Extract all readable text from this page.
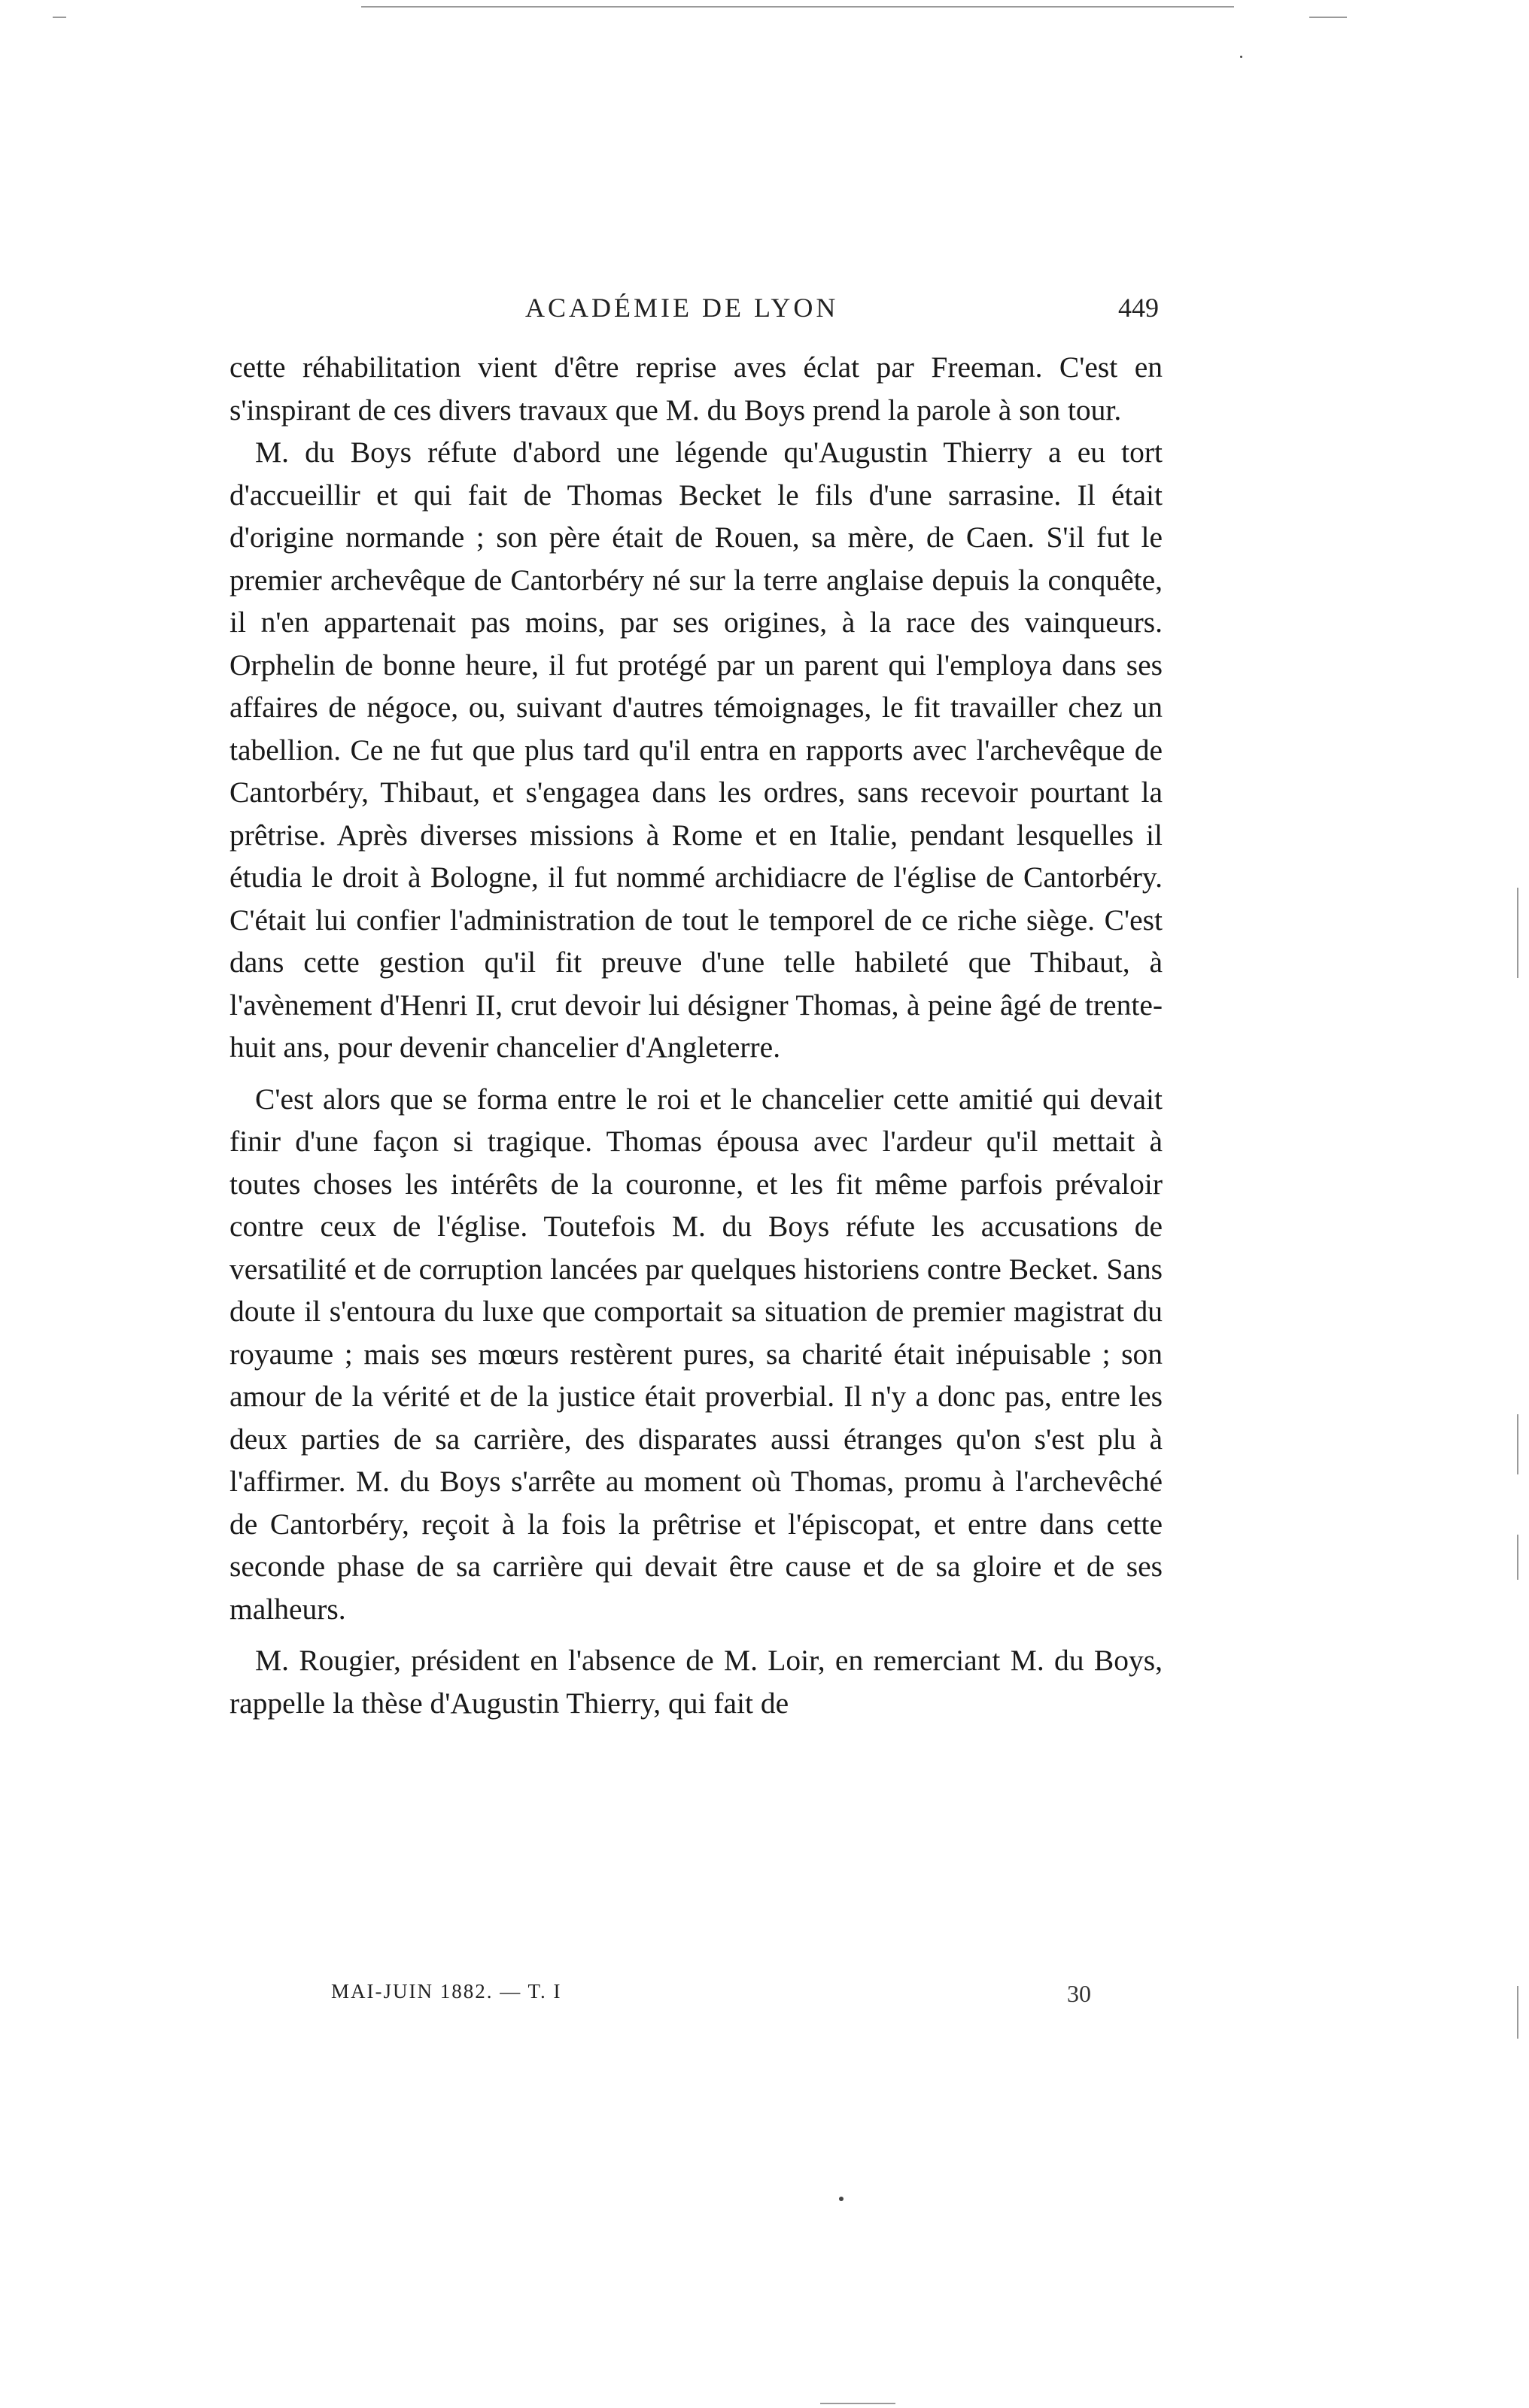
ACADÉMIE DE LYON	449

cette réhabilitation vient d'être reprise aves éclat par Freeman. C'est en s'inspirant de ces divers travaux que M. du Boys prend la parole à son tour.

M. du Boys réfute d'abord une légende qu'Augustin Thierry a eu tort d'accueillir et qui fait de Thomas Becket le fils d'une sarrasine. Il était d'origine normande ; son père était de Rouen, sa mère, de Caen. S'il fut le premier archevêque de Cantorbéry né sur la terre anglaise depuis la conquête, il n'en appartenait pas moins, par ses origines, à la race des vainqueurs. Orphelin de bonne heure, il fut protégé par un parent qui l'employa dans ses affaires de négoce, ou, suivant d'autres témoignages, le fit travailler chez un tabellion. Ce ne fut que plus tard qu'il entra en rapports avec l'archevêque de Cantorbéry, Thibaut, et s'engagea dans les ordres, sans recevoir pourtant la prêtrise. Après diverses missions à Rome et en Italie, pendant lesquelles il étudia le droit à Bologne, il fut nommé archidiacre de l'église de Cantorbéry. C'était lui confier l'administration de tout le temporel de ce riche siège. C'est dans cette gestion qu'il fit preuve d'une telle habileté que Thibaut, à l'avènement d'Henri II, crut devoir lui désigner Thomas, à peine âgé de trente-huit ans, pour devenir chancelier d'Angleterre.

C'est alors que se forma entre le roi et le chancelier cette amitié qui devait finir d'une façon si tragique. Thomas épousa avec l'ardeur qu'il mettait à toutes choses les intérêts de la couronne, et les fit même parfois prévaloir contre ceux de l'église. Toutefois M. du Boys réfute les accusations de versatilité et de corruption lancées par quelques historiens contre Becket. Sans doute il s'entoura du luxe que comportait sa situation de premier magistrat du royaume ; mais ses mœurs restèrent pures, sa charité était inépuisable ; son amour de la vérité et de la justice était proverbial. Il n'y a donc pas, entre les deux parties de sa carrière, des disparates aussi étranges qu'on s'est plu à l'affirmer. M. du Boys s'arrête au moment où Thomas, promu à l'archevêché de Cantorbéry, reçoit à la fois la prêtrise et l'épiscopat, et entre dans cette seconde phase de sa carrière qui devait être cause et de sa gloire et de ses malheurs.

M. Rougier, président en l'absence de M. Loir, en remerciant M. du Boys, rappelle la thèse d'Augustin Thierry, qui fait de

MAI-JUIN 1882. — T. I	30
